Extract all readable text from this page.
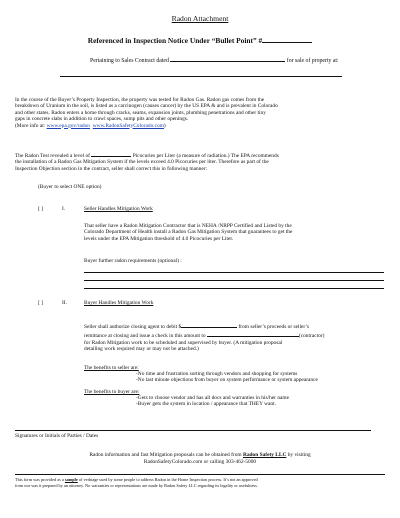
Radon Attachment
Referenced in Inspection Notice Under “Bullet Point” #
Pertaining to Sales Contract dated	for sale of property at:
In the course of the Buyer’s Property Inspection, the property was tested for Radon Gas. Radon gas comes from the
breakdown of Uranium in the soil, is listed as a carcinogen (causes cancer) by the US EPA & and is prevalent in Colorado
and other states. Radon enters a home through cracks, seams, expansion joints, plumbing penetrations and other tiny
gaps in concrete slabs in addition to crawl spaces, sump pits and other openings.
(More info at: www.epa.gov/radon www.RadonSafetyColorado.com)
The Radon Test revealed a level of	Picocuries per Liter (a measure of radiation.) The EPA recommends
the installation of a Radon Gas Mitigation System if the levels exceed 4.0 Picocuries per liter. Therefore as part of the
Inspection Objection section in the contract, seller shall correct this in following manner:
(Buyer to select ONE option)
[ ]	I.	Seller Handles Mitigation Work
That seller have a Radon Mitigation Contractor that is NEHA /NRPP Certified and Listed by the
Colorado Department of Health install a Radon Gas Mitigation System that guarantees to get the
levels under the EPA Mitigation threshold of 4.0 Picocuries per Liter.
Buyer further radon requirements (optional) :
[ ]	II.	Buyer Handles Mitigation Work
Seller shall authorize closing agent to debit $	from seller’s proceeds or seller’s
remittance at closing and issue a check in this amount to	(contractor)
for Radon Mitigation work to be scheduled and supervised by buyer. (A mitigation proposal
detailing work required may or may not be attached.)
The benefits to seller are:
-No time and frustration sorting through vendors and shopping for systems
-No last minute objections from buyer on system performance or system appearance
The benefits to buyer are:
-Gets to choose vendor and has all docs and warranties in his/her name
-Buyer gets the system in location / appearance that THEY want.
Signatures or Initials of Parties / Dates
Radon information and fast Mitigation proposals can be obtained from Radon Safety LLC by visiting
RadonSafetyColorado.com or calling 303-462-5000
This form was provided as a sample of verbiage used by some people to address Radon in the Home Inspection process. It’s not an approved
form nor was it prepared by an attorney. No warranties or representations are made by Radon Safety LLC regarding its legality or usefulness.
